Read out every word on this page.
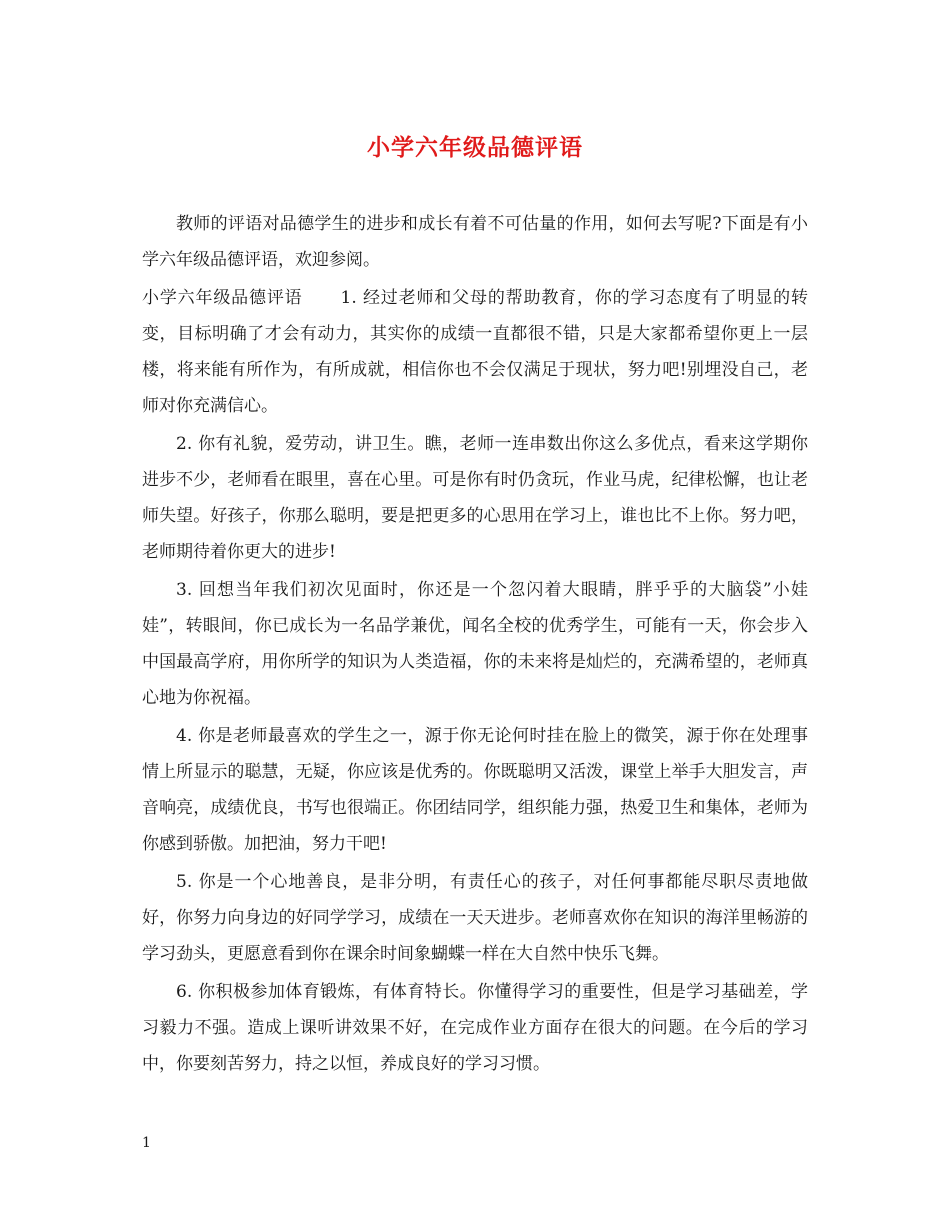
小学六年级品德评语

教师的评语对品德学生的进步和成长有着不可估量的作用，如何去写呢?下面是有小学六年级品德评语，欢迎参阅。

小学六年级品德评语 1. 经过老师和父母的帮助教育，你的学习态度有了明显的转变，目标明确了才会有动力，其实你的成绩一直都很不错，只是大家都希望你更上一层楼，将来能有所作为，有所成就，相信你也不会仅满足于现状，努力吧!别埋没自己，老师对你充满信心。

2. 你有礼貌，爱劳动，讲卫生。瞧，老师一连串数出你这么多优点，看来这学期你进步不少，老师看在眼里，喜在心里。可是你有时仍贪玩，作业马虎，纪律松懈，也让老师失望。好孩子，你那么聪明，要是把更多的心思用在学习上，谁也比不上你。努力吧，老师期待着你更大的进步!

3. 回想当年我们初次见面时，你还是一个忽闪着大眼睛，胖乎乎的大脑袋”小娃娃”，转眼间，你已成长为一名品学兼优，闻名全校的优秀学生，可能有一天，你会步入中国最高学府，用你所学的知识为人类造福，你的未来将是灿烂的，充满希望的，老师真心地为你祝福。

4. 你是老师最喜欢的学生之一，源于你无论何时挂在脸上的微笑，源于你在处理事情上所显示的聪慧，无疑，你应该是优秀的。你既聪明又活泼，课堂上举手大胆发言，声音响亮，成绩优良，书写也很端正。你团结同学，组织能力强，热爱卫生和集体，老师为你感到骄傲。加把油，努力干吧!

5. 你是一个心地善良，是非分明，有责任心的孩子，对任何事都能尽职尽责地做好，你努力向身边的好同学学习，成绩在一天天进步。老师喜欢你在知识的海洋里畅游的学习劲头，更愿意看到你在课余时间象蝴蝶一样在大自然中快乐飞舞。

6. 你积极参加体育锻炼，有体育特长。你懂得学习的重要性，但是学习基础差，学习毅力不强。造成上课听讲效果不好，在完成作业方面存在很大的问题。在今后的学习中，你要刻苦努力，持之以恒，养成良好的学习习惯。

1
